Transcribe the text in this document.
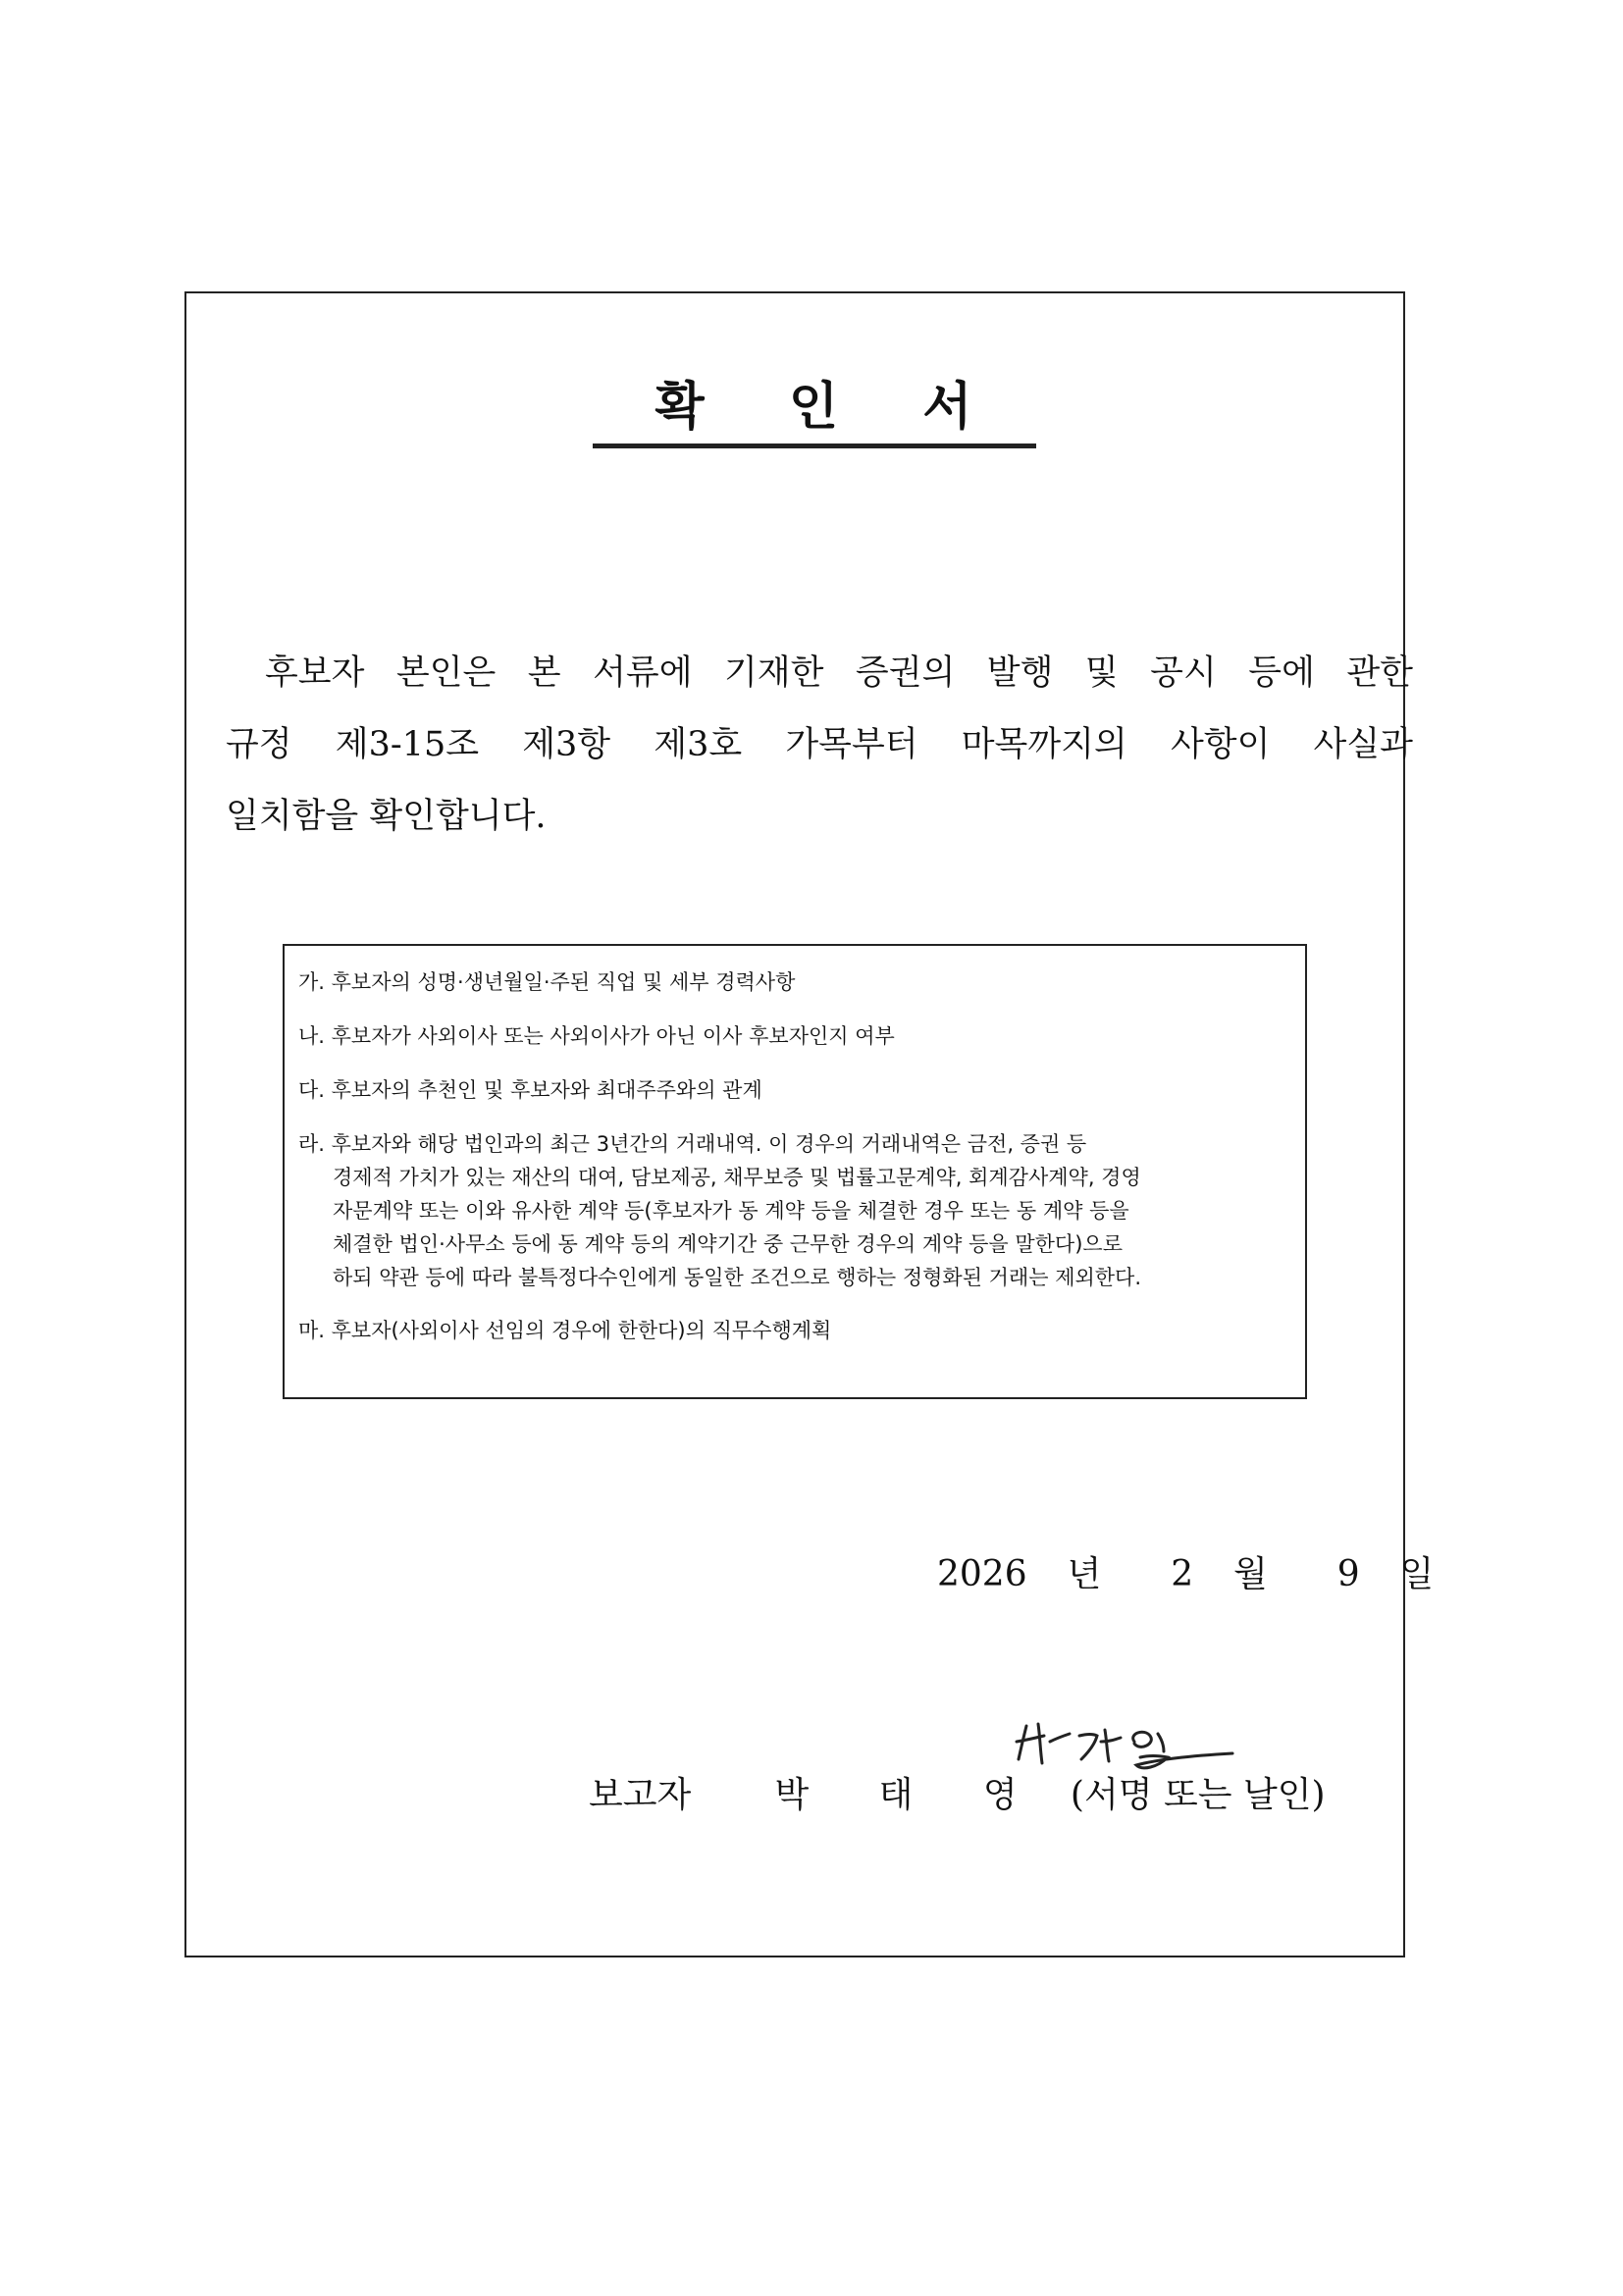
확 인 서
후보자 본인은 본 서류에 기재한 증권의 발행 및 공시 등에 관한
규정 제3-15조 제3항 제3호 가목부터 마목까지의 사항이 사실과
일치함을 확인합니다.
가. 후보자의 성명·생년월일·주된 직업 및 세부 경력사항
나. 후보자가 사외이사 또는 사외이사가 아닌 이사 후보자인지 여부
다. 후보자의 추천인 및 후보자와 최대주주와의 관계
라. 후보자와 해당 법인과의 최근 3년간의 거래내역. 이 경우의 거래내역은 금전, 증권 등
경제적 가치가 있는 재산의 대여, 담보제공, 채무보증 및 법률고문계약, 회계감사계약, 경영
자문계약 또는 이와 유사한 계약 등(후보자가 동 계약 등을 체결한 경우 또는 동 계약 등을
체결한 법인·사무소 등에 동 계약 등의 계약기간 중 근무한 경우의 계약 등을 말한다)으로
하되 약관 등에 따라 불특정다수인에게 동일한 조건으로 행하는 정형화된 거래는 제외한다.
마. 후보자(사외이사 선임의 경우에 한한다)의 직무수행계획
2026 년 2 월 9 일
보고자 박 태 영 (서명 또는 날인)
